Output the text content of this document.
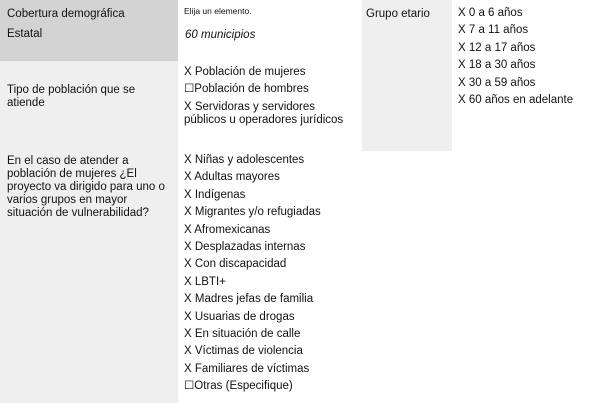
Cobertura demográfica
Estatal
Elija un elemento.
60 municipios
Grupo etario X 0 a 6 años
X 7 a 11 años
X 12 a 17 años
X 18 a 30 años
X 30 a 59 años
X 60 años en adelante
Tipo de población que se
atiende
X Población de mujeres
☐Población de hombres
X Servidoras y servidores públicos u operadores jurídicos
En el caso de atender a
población de mujeres ¿El
proyecto va dirigido para uno o
varios grupos en mayor
situación de vulnerabilidad?
X Niñas y adolescentes
X Adultas mayores
X Indígenas
X Migrantes y/o refugiadas
X Afromexicanas
X Desplazadas internas
X Con discapacidad
X LBTI+
X Madres jefas de familia
X Usuarias de drogas
X En situación de calle
X Víctimas de violencia
X Familiares de víctimas
☐Otras (Especifique)
